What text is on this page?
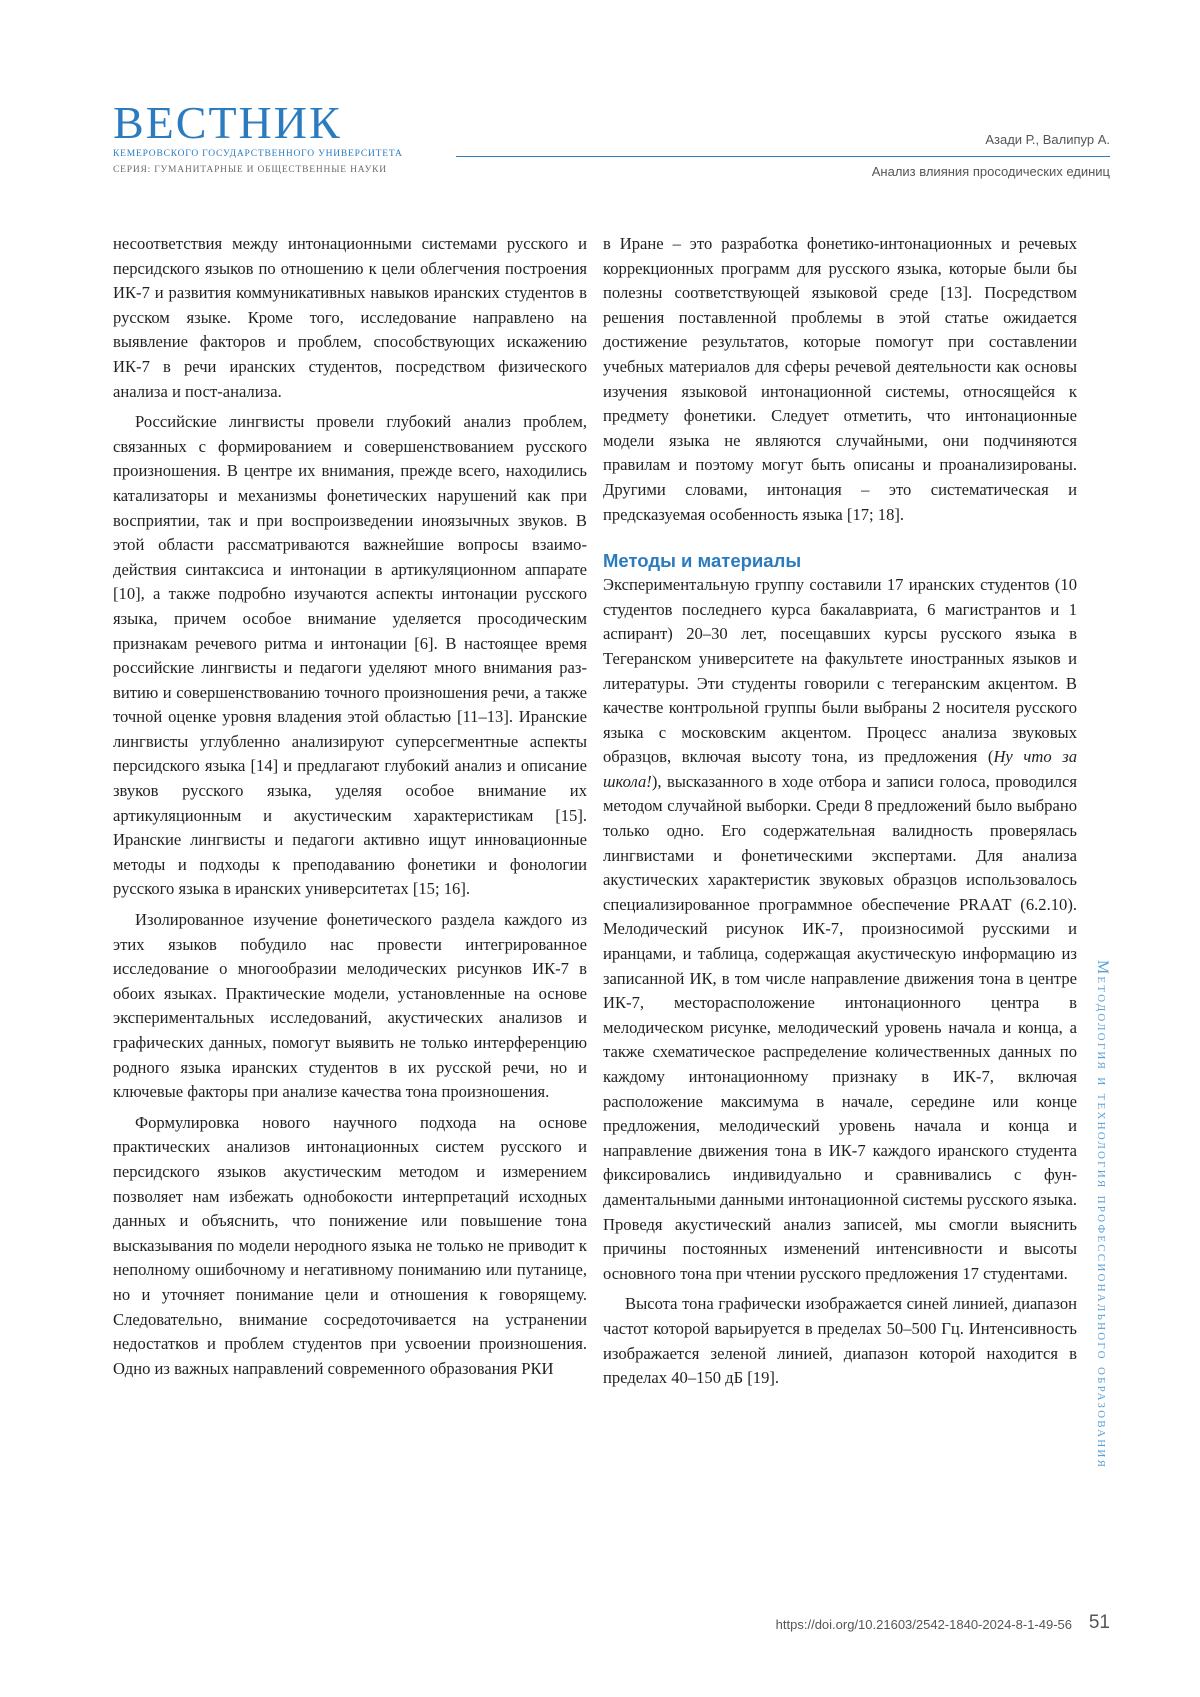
ВЕСТНИК
КЕМЕРОВСКОГО ГОСУДАРСТВЕННОГО УНИВЕРСИТЕТА
СЕРИЯ: ГУМАНИТАРНЫЕ И ОБЩЕСТВЕННЫЕ НАУКИ
Азади Р., Валипур А.
Анализ влияния просодических единиц

несоответствия между интонационными системами русского и персидского языков по отношению к цели облегчения построения ИК-7 и развития коммуникативных навыков иранских студентов в русском языке. Кроме того, исследование направлено на выявление факторов и проблем, способствующих искажению ИК-7 в речи иранских студентов, посредством физического анализа и пост-анализа.

Российские лингвисты провели глубокий анализ проблем, связанных с формированием и совершенствованием русского произношения. В центре их внимания, прежде всего, находились катализаторы и механизмы фонетических нарушений как при восприятии, так и при воспроизведении иноязычных звуков. В этой области рассматриваются важнейшие вопросы взаимодействия синтаксиса и интонации в артикуляционном аппарате [10], а также подробно изучаются аспекты интонации русского языка, причем особое внимание уделяется просодическим признакам речевого ритма и интонации [6]. В настоящее время российские лингвисты и педагоги уделяют много внимания развитию и совершенствованию точного произношения речи, а также точной оценке уровня владения этой областью [11–13]. Иранские лингвисты углубленно анализируют суперсегментные аспекты персидского языка [14] и предлагают глубокий анализ и описание звуков русского языка, уделяя особое внимание их артикуляционным и акустическим характеристикам [15]. Иранские лингвисты и педагоги активно ищут инновационные методы и подходы к преподаванию фонетики и фонологии русского языка в иранских университетах [15; 16].

Изолированное изучение фонетического раздела каждого из этих языков побудило нас провести интегрированное исследование о многообразии мелодических рисунков ИК-7 в обоих языках. Практические модели, установленные на основе экспериментальных исследований, акустических анализов и графических данных, помогут выявить не только интерференцию родного языка иранских студентов в их русской речи, но и ключевые факторы при анализе качества тона произношения.

Формулировка нового научного подхода на основе практических анализов интонационных систем русского и персидского языков акустическим методом и измерением позволяет нам избежать однобокости интерпретаций исходных данных и объяснить, что понижение или повышение тона высказывания по модели неродного языка не только не приводит к неполному ошибочному и негативному пониманию или путанице, но и уточняет понимание цели и отношения к говорящему. Следовательно, внимание сосредоточивается на устранении недостатков и проблем студентов при усвоении произношения. Одно из важных направлений современного образования РКИ

в Иране – это разработка фонетико-интонационных и речевых коррекционных программ для русского языка, которые были бы полезны соответствующей языковой среде [13]. Посредством решения поставленной проблемы в этой статье ожидается достижение результатов, которые помогут при составлении учебных материалов для сферы речевой деятельности как основы изучения языковой интонационной системы, относящейся к предмету фонетики. Следует отметить, что интонационные модели языка не являются случайными, они подчиняются правилам и поэтому могут быть описаны и проанализированы. Другими словами, интонация – это систематическая и предсказуемая особенность языка [17; 18].

Методы и материалы

Экспериментальную группу составили 17 иранских студентов (10 студентов последнего курса бакалавриата, 6 магистрантов и 1 аспирант) 20–30 лет, посещавших курсы русского языка в Тегеранском университете на факультете иностранных языков и литературы. Эти студенты говорили с тегеранским акцентом. В качестве контрольной группы были выбраны 2 носителя русского языка с московским акцентом. Процесс анализа звуковых образцов, включая высоту тона, из предложения (Ну что за школа!), высказанного в ходе отбора и записи голоса, проводился методом случайной выборки. Среди 8 предложений было выбрано только одно. Его содержательная валидность проверялась лингвистами и фонетическими экспертами. Для анализа акустических характеристик звуковых образцов использовалось специализированное программное обеспечение PRAAT (6.2.10). Мелодический рисунок ИК-7, произносимой русскими и иранцами, и таблица, содержащая акустическую информацию из записанной ИК, в том числе направление движения тона в центре ИК-7, месторасположение интонационного центра в мелодическом рисунке, мелодический уровень начала и конца, а также схематическое распределение количественных данных по каждому интонационному признаку в ИК-7, включая расположение максимума в начале, середине или конце предложения, мелодический уровень начала и конца и направление движения тона в ИК-7 каждого иранского студента фиксировались индивидуально и сравнивались с фундаментальными данными интонационной системы русского языка. Проведя акустический анализ записей, мы смогли выяснить причины постоянных изменений интенсивности и высоты основного тона при чтении русского предложения 17 студентами.

Высота тона графически изображается синей линией, диапазон частот которой варьируется в пределах 50–500 Гц. Интенсивность изображается зеленой линией, диапазон которой находится в пределах 40–150 дБ [19].	Методология и технология профессионального образования
https://doi.org/10.21603/2542-1840-2024-8-1-49-56 51
